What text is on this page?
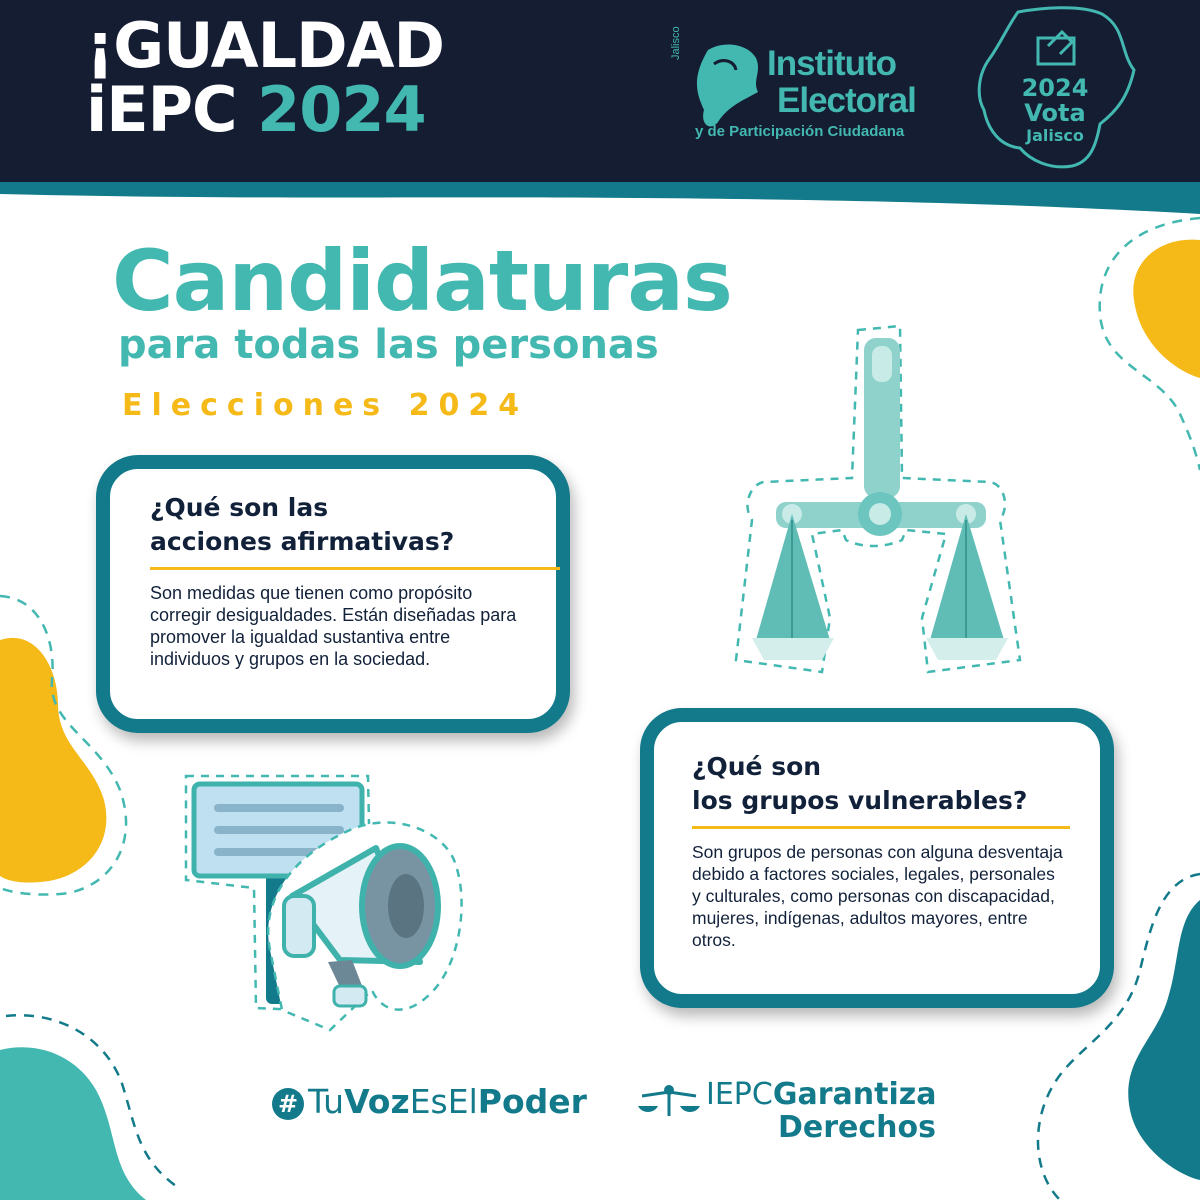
¡GUALDAD
iEPC 2024
Jalisco
Instituto
Electoral
y de Participación Ciudadana
2024
Vota
Jalisco
Candidaturas
para todas las personas
Elecciones 2024
¿Qué son las
acciones afirmativas?
Son medidas que tienen como propósito corregir desigualdades. Están diseñadas para promover la igualdad sustantiva entre individuos y grupos en la sociedad.
¿Qué son
los grupos vulnerables?
Son grupos de personas con alguna desventaja debido a factores sociales, legales, personales y culturales, como personas con discapacidad, mujeres, indígenas, adultos mayores, entre otros.
# TuVozEsElPoder	IEPCGarantiza
Derechos
